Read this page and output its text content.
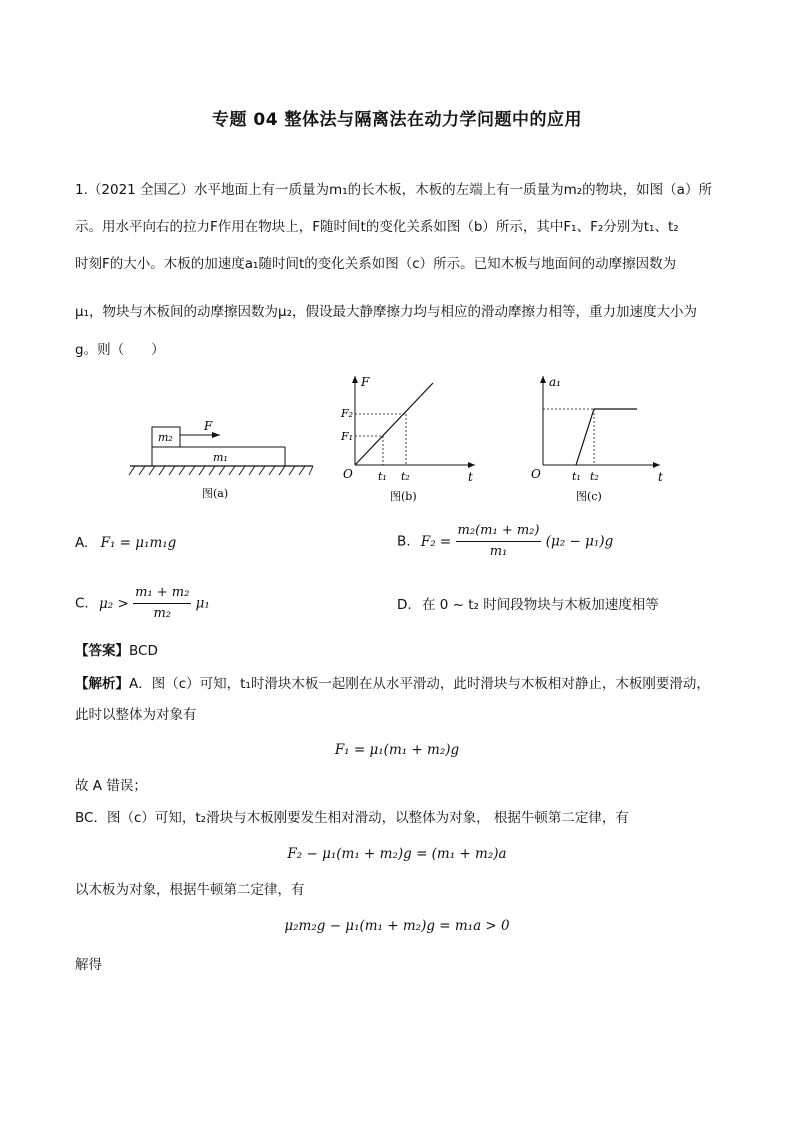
专题 04 整体法与隔离法在动力学问题中的应用
1.（2021 全国乙）水平地面上有一质量为m₁的长木板，木板的左端上有一质量为m₂的物块，如图（a）所
示。用水平向右的拉力F作用在物块上，F随时间t的变化关系如图（b）所示，其中F₁、F₂分别为t₁、t₂
时刻F的大小。木板的加速度a₁随时间t的变化关系如图（c）所示。已知木板与地面间的动摩擦因数为
μ₁，物块与木板间的动摩擦因数为μ₂，假设最大静摩擦力均与相应的滑动摩擦力相等，重力加速度大小为
g。则（　　）
m₂
m₁
F
图(a)
F
t
O
F₁
F₂
t₁ t₂
图(b)
a₁
t
O	t₁ t₂
图(c)
A. F₁ = μ₁m₁g	B. $F_2 = \frac{\text{m₂(m₁ + m₂)}}{\text{m₁}} (\mu_2 - \mu_1)g$
C. $\mu_2 > \frac{\text{m₁ + m₂}}{\text{m₂}} \mu_1$	D. 在 0 ~ t₂ 时间段物块与木板加速度相等
【答案】BCD
【解析】A．图（c）可知，t₁时滑块木板一起刚在从水平滑动，此时滑块与木板相对静止，木板刚要滑动，
此时以整体为对象有
F₁ = μ₁(m₁ + m₂)g
故 A 错误；
BC．图（c）可知，t₂滑块与木板刚要发生相对滑动，以整体为对象， 根据牛顿第二定律，有
F₂ − μ₁(m₁ + m₂)g = (m₁ + m₂)a
以木板为对象，根据牛顿第二定律，有
μ₂m₂g − μ₁(m₁ + m₂)g = m₁a > 0
解得
